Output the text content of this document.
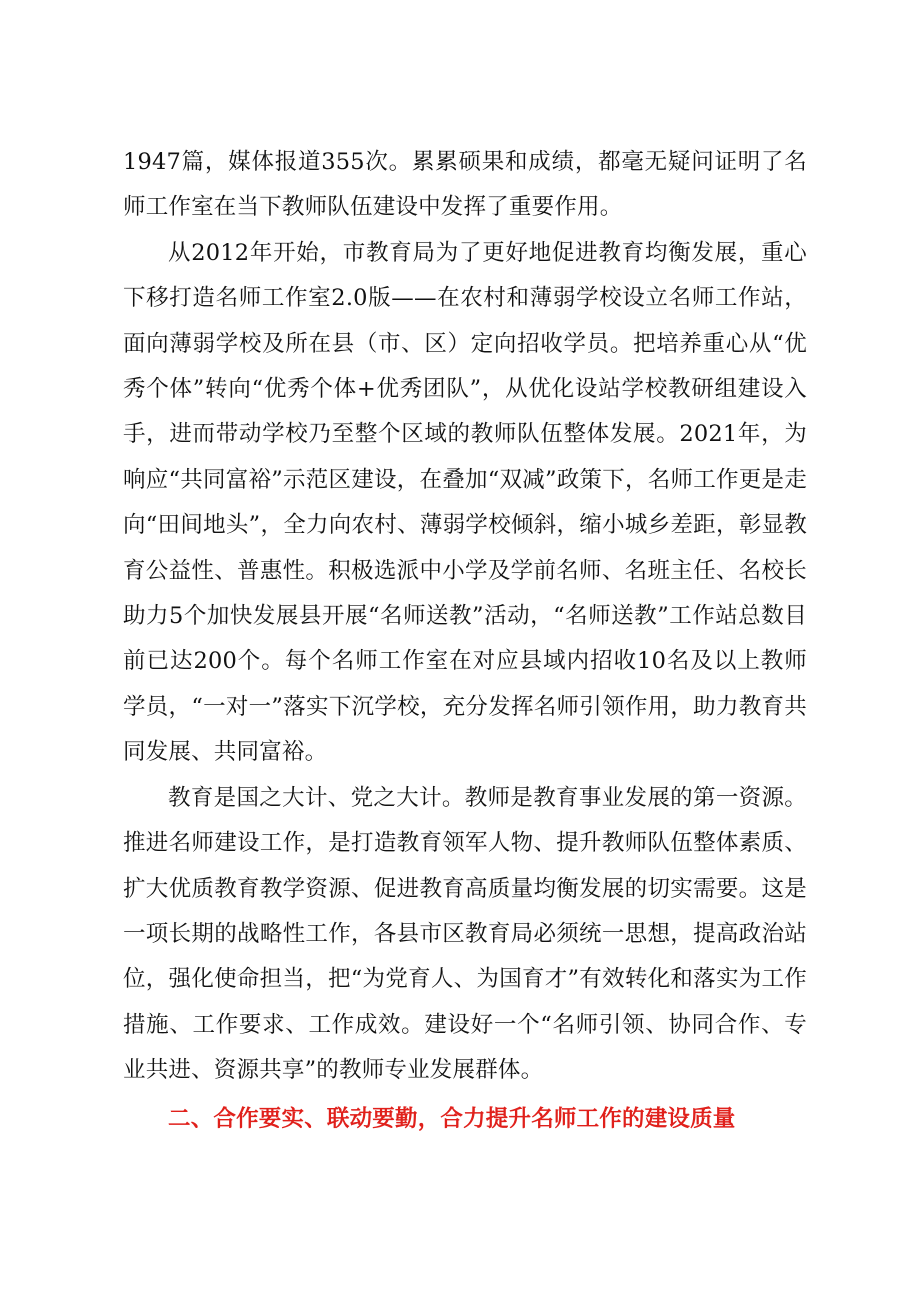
1947篇，媒体报道355次。累累硕果和成绩，都毫无疑问证明了名师工作室在当下教师队伍建设中发挥了重要作用。

从2012年开始，市教育局为了更好地促进教育均衡发展，重心下移打造名师工作室2.0版——在农村和薄弱学校设立名师工作站，面向薄弱学校及所在县（市、区）定向招收学员。把培养重心从“优秀个体”转向“优秀个体+优秀团队”，从优化设站学校教研组建设入手，进而带动学校乃至整个区域的教师队伍整体发展。2021年，为响应“共同富裕”示范区建设，在叠加“双减”政策下，名师工作更是走向“田间地头”，全力向农村、薄弱学校倾斜，缩小城乡差距，彰显教育公益性、普惠性。积极选派中小学及学前名师、名班主任、名校长助力5个加快发展县开展“名师送教”活动，“名师送教”工作站总数目前已达200个。每个名师工作室在对应县域内招收10名及以上教师学员，“一对一”落实下沉学校，充分发挥名师引领作用，助力教育共同发展、共同富裕。

教育是国之大计、党之大计。教师是教育事业发展的第一资源。推进名师建设工作，是打造教育领军人物、提升教师队伍整体素质、扩大优质教育教学资源、促进教育高质量均衡发展的切实需要。这是一项长期的战略性工作，各县市区教育局必须统一思想，提高政治站位，强化使命担当，把“为党育人、为国育才”有效转化和落实为工作措施、工作要求、工作成效。建设好一个“名师引领、协同合作、专业共进、资源共享”的教师专业发展群体。

二、合作要实、联动要勤，合力提升名师工作的建设质量
